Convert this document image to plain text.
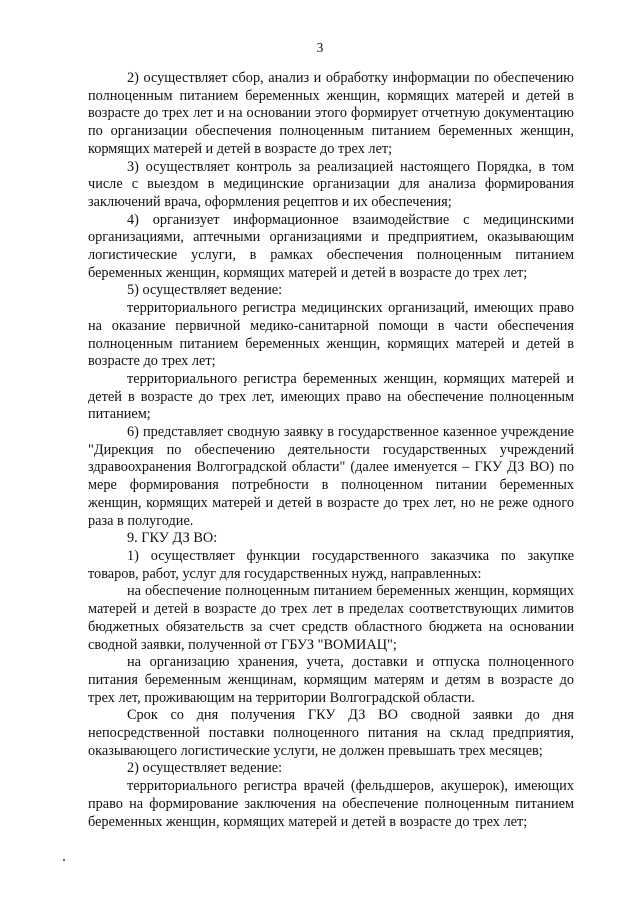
3

2) осуществляет сбор, анализ и обработку информации по обеспечению полноценным питанием беременных женщин, кормящих матерей и детей в возрасте до трех лет и на основании этого формирует отчетную документацию по организации обеспечения полноценным питанием беременных женщин, кормящих матерей и детей в возрасте до трех лет;

3) осуществляет контроль за реализацией настоящего Порядка, в том числе с выездом в медицинские организации для анализа формирования заключений врача, оформления рецептов и их обеспечения;

4) организует информационное взаимодействие с медицинскими организациями, аптечными организациями и предприятием, оказывающим логистические услуги, в рамках обеспечения полноценным питанием беременных женщин, кормящих матерей и детей в возрасте до трех лет;

5) осуществляет ведение:

территориального регистра медицинских организаций, имеющих право на оказание первичной медико-санитарной помощи в части обеспечения полноценным питанием беременных женщин, кормящих матерей и детей в возрасте до трех лет;

территориального регистра беременных женщин, кормящих матерей и детей в возрасте до трех лет, имеющих право на обеспечение полноценным питанием;

6) представляет сводную заявку в государственное казенное учреждение "Дирекция по обеспечению деятельности государственных учреждений здравоохранения Волгоградской области" (далее именуется – ГКУ ДЗ ВО) по мере формирования потребности в полноценном питании беременных женщин, кормящих матерей и детей в возрасте до трех лет, но не реже одного раза в полугодие.

9. ГКУ ДЗ ВО:

1) осуществляет функции государственного заказчика по закупке товаров, работ, услуг для государственных нужд, направленных:

на обеспечение полноценным питанием беременных женщин, кормящих матерей и детей в возрасте до трех лет в пределах соответствующих лимитов бюджетных обязательств за счет средств областного бюджета на основании сводной заявки, полученной от ГБУЗ "ВОМИАЦ";

на организацию хранения, учета, доставки и отпуска полноценного питания беременным женщинам, кормящим матерям и детям в возрасте до трех лет, проживающим на территории Волгоградской области.

Срок со дня получения ГКУ ДЗ ВО сводной заявки до дня непосредственной поставки полноценного питания на склад предприятия, оказывающего логистические услуги, не должен превышать трех месяцев;

2) осуществляет ведение:

территориального регистра врачей (фельдшеров, акушерок), имеющих право на формирование заключения на обеспечение полноценным питанием беременных женщин, кормящих матерей и детей в возрасте до трех лет;
